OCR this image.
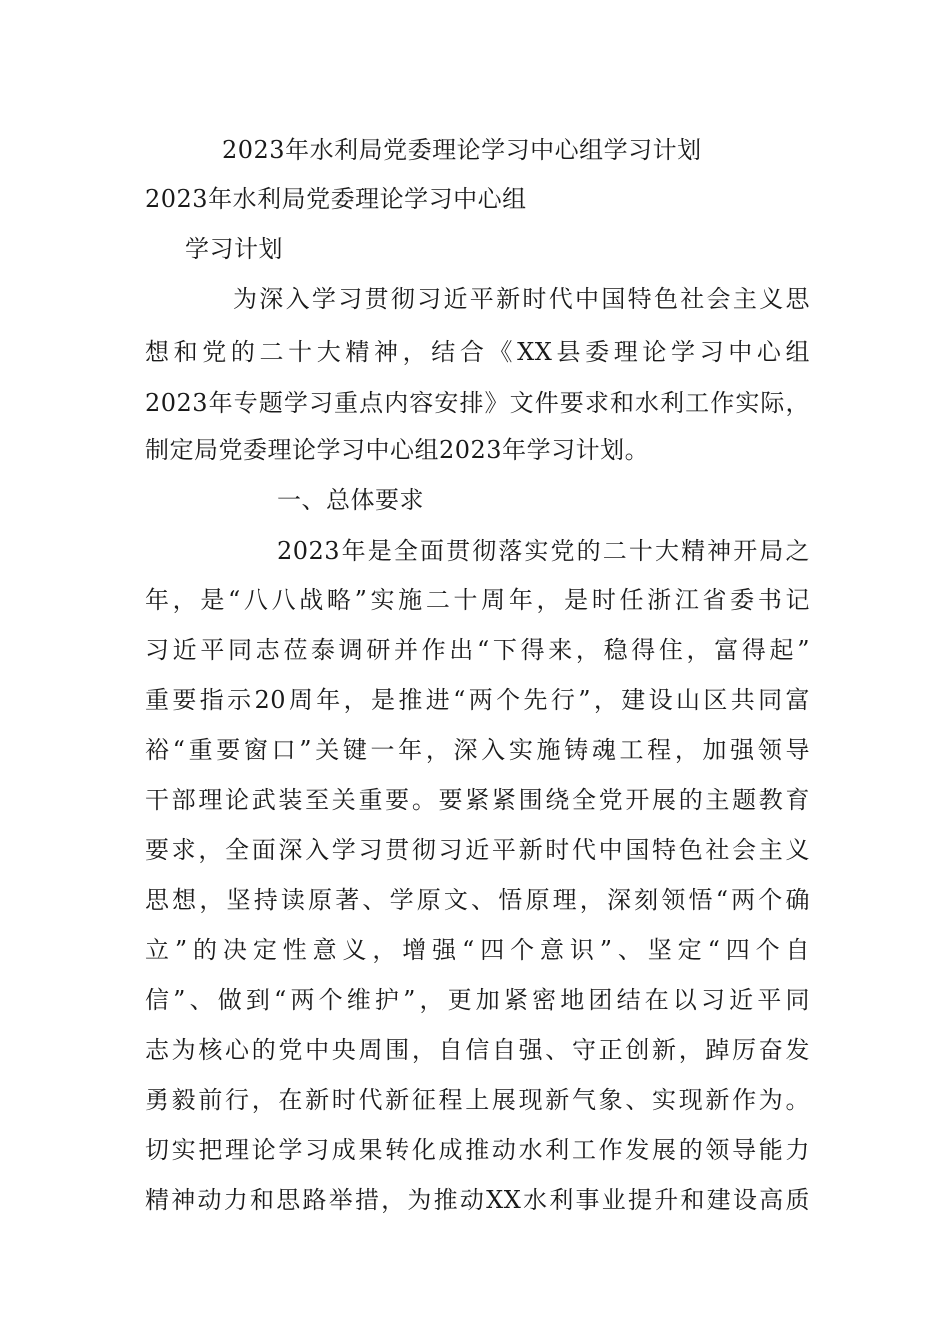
2023年水利局党委理论学习中心组学习计划
2023年水利局党委理论学习中心组
学习计划
为深入学习贯彻习近平新时代中国特色社会主义思
想和党的二十大精神，结合《XX县委理论学习中心组
2023年专题学习重点内容安排》文件要求和水利工作实际，
制定局党委理论学习中心组2023年学习计划。
一、总体要求
2023年是全面贯彻落实党的二十大精神开局之
年，是“八八战略”实施二十周年，是时任浙江省委书记
习近平同志莅泰调研并作出“下得来，稳得住，富得起”
重要指示20周年，是推进“两个先行”，建设山区共同富
裕“重要窗口”关键一年，深入实施铸魂工程，加强领导
干部理论武装至关重要。要紧紧围绕全党开展的主题教育
要求，全面深入学习贯彻习近平新时代中国特色社会主义
思想，坚持读原著、学原文、悟原理，深刻领悟“两个确
立”的决定性意义，增强“四个意识”、坚定“四个自
信”、做到“两个维护”，更加紧密地团结在以习近平同
志为核心的党中央周围，自信自强、守正创新，踔厉奋发
勇毅前行，在新时代新征程上展现新气象、实现新作为。
切实把理论学习成果转化成推动水利工作发展的领导能力
精神动力和思路举措，为推动XX水利事业提升和建设高质
